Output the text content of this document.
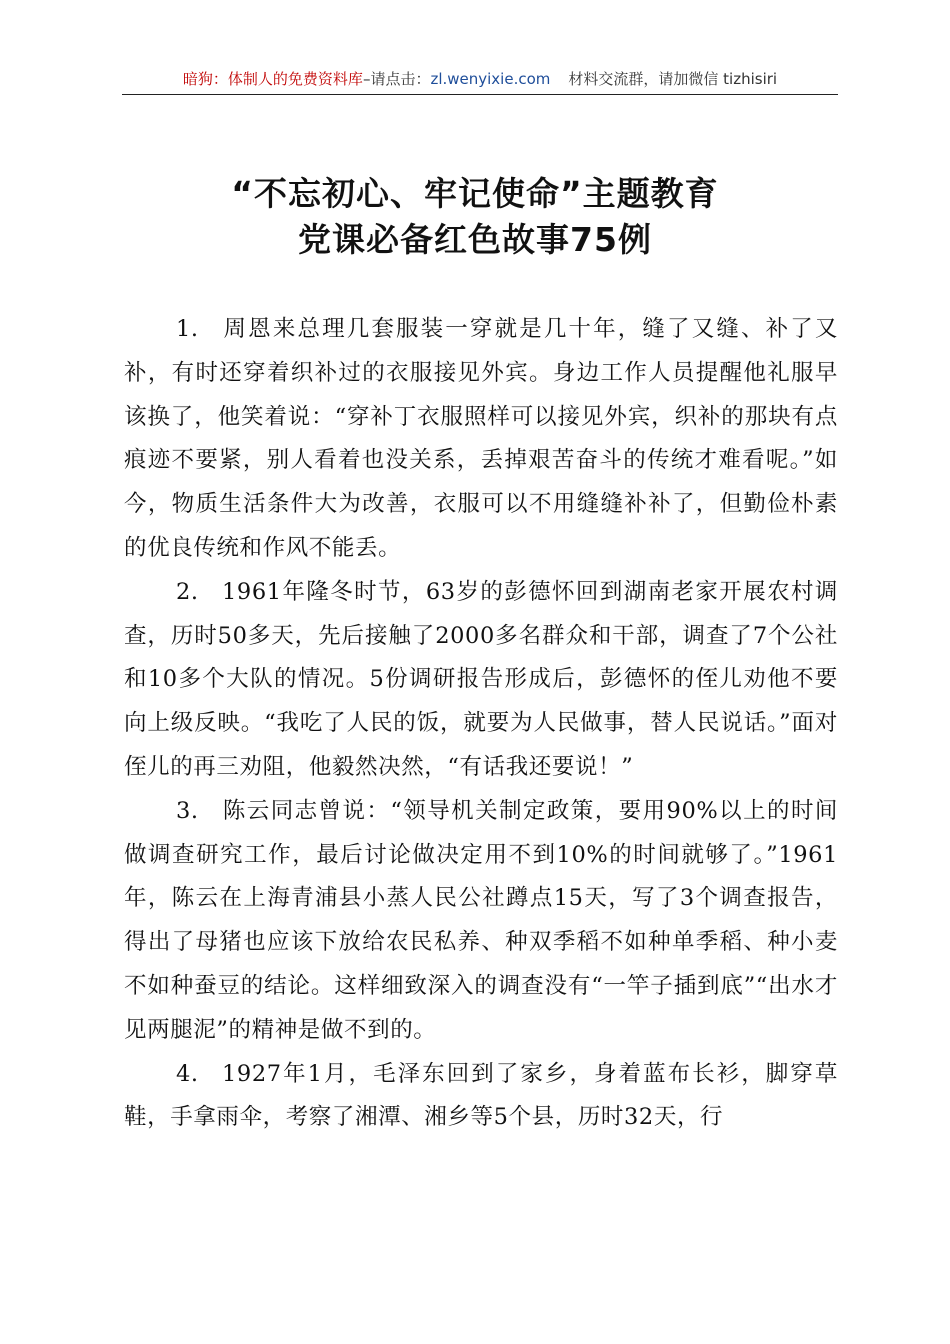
暗狗：体制人的免费资料库–请点击：zl.wenyixie.com 材料交流群，请加微信 tizhisiri
“不忘初心、牢记使命”主题教育
党课必备红色故事75例

1. 周恩来总理几套服装一穿就是几十年，缝了又缝、补了又补，有时还穿着织补过的衣服接见外宾。身边工作人员提醒他礼服早该换了，他笑着说：“穿补丁衣服照样可以接见外宾，织补的那块有点痕迹不要紧，别人看着也没关系，丢掉艰苦奋斗的传统才难看呢。”如今，物质生活条件大为改善，衣服可以不用缝缝补补了，但勤俭朴素的优良传统和作风不能丢。

2. 1961年隆冬时节，63岁的彭德怀回到湖南老家开展农村调查，历时50多天，先后接触了2000多名群众和干部，调查了7个公社和10多个大队的情况。5份调研报告形成后，彭德怀的侄儿劝他不要向上级反映。“我吃了人民的饭，就要为人民做事，替人民说话。”面对侄儿的再三劝阻，他毅然决然，“有话我还要说！”

3. 陈云同志曾说：“领导机关制定政策，要用90%以上的时间做调查研究工作，最后讨论做决定用不到10%的时间就够了。”1961年，陈云在上海青浦县小蒸人民公社蹲点15天，写了3个调查报告，得出了母猪也应该下放给农民私养、种双季稻不如种单季稻、种小麦不如种蚕豆的结论。这样细致深入的调查没有“一竿子插到底”“出水才见两腿泥”的精神是做不到的。

4. 1927年1月，毛泽东回到了家乡，身着蓝布长衫，脚穿草鞋，手拿雨伞，考察了湘潭、湘乡等5个县，历时32天，行
